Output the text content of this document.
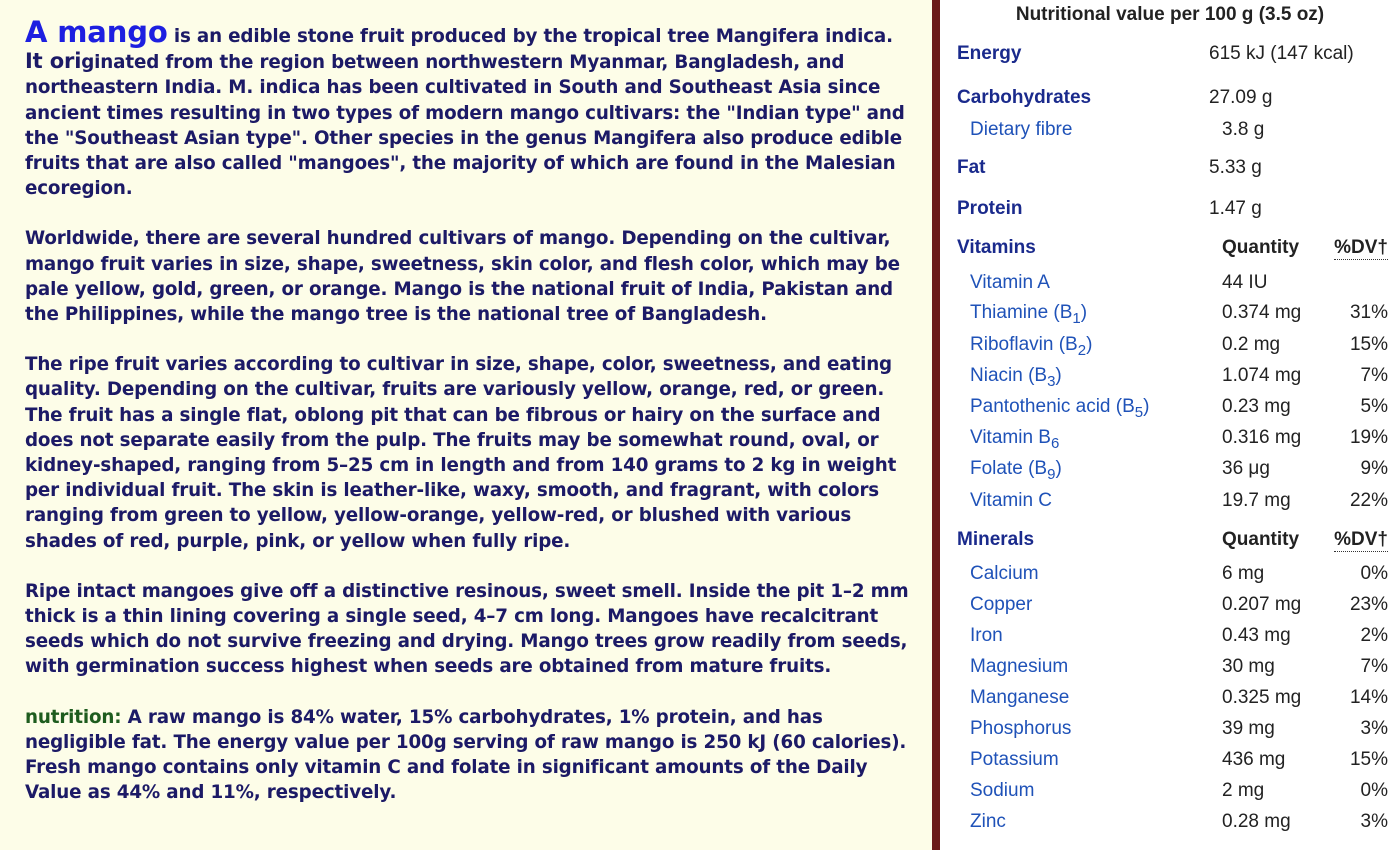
A mango is an edible stone fruit produced by the tropical tree Mangifera indica.
It originated from the region between northwestern Myanmar, Bangladesh, and northeastern India. M. indica has been cultivated in South and Southeast Asia since ancient times resulting in two types of modern mango cultivars: the "Indian type" and the "Southeast Asian type". Other species in the genus Mangifera also produce edible fruits that are also called "mangoes", the majority of which are found in the Malesian ecoregion.

Worldwide, there are several hundred cultivars of mango. Depending on the cultivar, mango fruit varies in size, shape, sweetness, skin color, and flesh color, which may be pale yellow, gold, green, or orange. Mango is the national fruit of India, Pakistan and the Philippines, while the mango tree is the national tree of Bangladesh.

The ripe fruit varies according to cultivar in size, shape, color, sweetness, and eating quality. Depending on the cultivar, fruits are variously yellow, orange, red, or green. The fruit has a single flat, oblong pit that can be fibrous or hairy on the surface and does not separate easily from the pulp. The fruits may be somewhat round, oval, or kidney-shaped, ranging from 5–25 cm in length and from 140 grams to 2 kg in weight per individual fruit. The skin is leather-like, waxy, smooth, and fragrant, with colors ranging from green to yellow, yellow-orange, yellow-red, or blushed with various shades of red, purple, pink, or yellow when fully ripe.

Ripe intact mangoes give off a distinctive resinous, sweet smell. Inside the pit 1–2 mm thick is a thin lining covering a single seed, 4–7 cm long. Mangoes have recalcitrant seeds which do not survive freezing and drying. Mango trees grow readily from seeds, with germination success highest when seeds are obtained from mature fruits.

nutrition: A raw mango is 84% water, 15% carbohydrates, 1% protein, and has negligible fat. The energy value per 100g serving of raw mango is 250 kJ (60 calories). Fresh mango contains only vitamin C and folate in significant amounts of the Daily Value as 44% and 11%, respectively.

Nutritional value per 100 g (3.5 oz)
Energy	615 kJ (147 kcal)
Carbohydrates	27.09 g
Dietary fibre	3.8 g
Fat	5.33 g
Protein	1.47 g
Vitamins	Quantity %DV†
Vitamin A	44 IU
Thiamine $(B_1)$	0.374 mg	31%
Riboflavin $(B_2)$	0.2 mg	15%
Niacin $(B_3)$	1.074 mg	7%
Pantothenic acid $(B_5)$	0.23 mg	5%
Vitamin $B_6$	0.316 mg	19%
Folate $(B_9)$	36 μg	9%
Vitamin C	19.7 mg	22%
Minerals	Quantity %DV†
Calcium	6 mg	0%
Copper	0.207 mg	23%
Iron	0.43 mg	2%
Magnesium	30 mg	7%
Manganese	0.325 mg	14%
Phosphorus	39 mg	3%
Potassium	436 mg	15%
Sodium	2 mg	0%
Zinc	0.28 mg	3%
